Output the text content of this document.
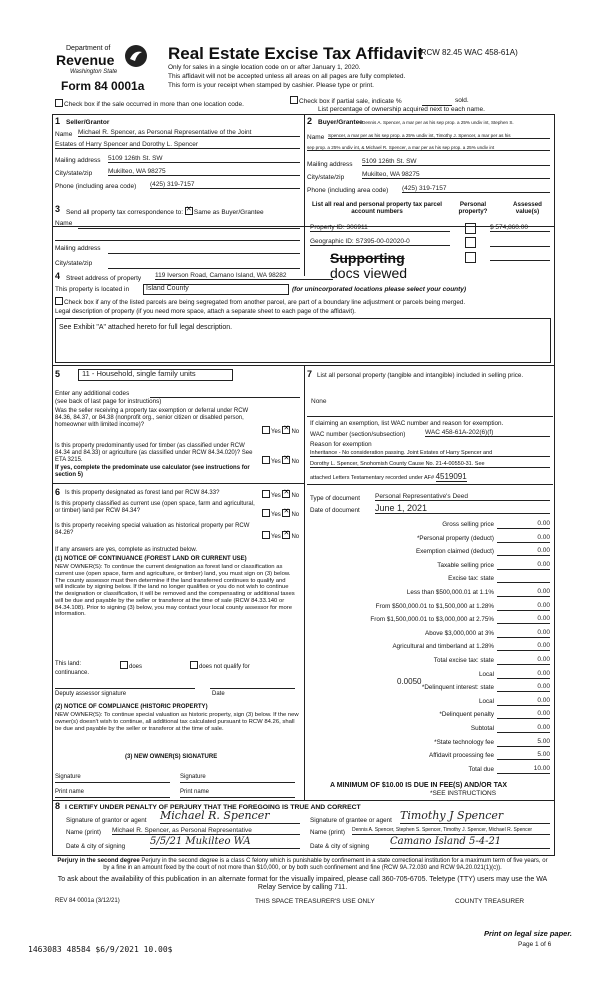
Department of
Revenue
Washington State
Form 84 0001a
Real Estate Excise Tax Affidavit
(RCW 82.45 WAC 458-61A)
Only for sales in a single location code on or after January 1, 2020.
This affidavit will not be accepted unless all areas on all pages are fully completed.
This form is your receipt when stamped by cashier. Please type or print.
Check box if the sale occurred in more than one location code.	Check box if partial sale, indicate %	sold.
List percentage of ownership acquired next to each name.
1 Seller/Grantor
Name Michael R. Spencer, as Personal Representative of the Joint
Estates of Harry Spencer and Dorothy L. Spencer
Mailing address 5109 126th St. SW
City/state/zip Mukilteo, WA 98275
Phone (including area code) (425) 319-7157
2 Buyer/Grantee Dennis A. Spencer, a mar per as his sep prop. a 25% undiv int, Stephen S.
Name Spencer, a mar per as his sep prop. a 25% undiv int, Timothy J. Spencer, a mar per as his
sep prop. a 25% undiv int, & Michael R. Spencer, a mar per as his sep prop. a 25% undiv int
Mailing address 5109 126th St. SW
City/state/zip	Mukilteo, WA 98275
Phone (including area code) (425) 319-7157
3 Send all property tax correspondence to: ✕ Same as Buyer/Grantee
Name
Mailing address
City/state/zip
List all real and personal property tax parcel account numbers
Personal property?
Assessed value(s)
Property ID: 306911	$ 574,860.00
Geographic ID: S7395-00-02020-0
Supporting
docs viewed
4 Street address of property 119 Iverson Road, Camano Island, WA 98282
This property is located in	Island County	(for unincorporated locations please select your county)
Check box if any of the listed parcels are being segregated from another parcel, are part of a boundary line adjustment or parcels being merged.
Legal description of property (if you need more space, attach a separate sheet to each page of the affidavit).
See Exhibit "A" attached hereto for full legal description.
5	11 - Household, single family units
Enter any additional codes
(see back of last page for instructions)
Was the seller receiving a property tax exemption or deferral under RCW 84.36, 84.37, or 84.38 (nonprofit org., senior citizen or disabled person, homeowner with limited income)?
Yes ✕ No
Is this property predominantly used for timber (as classified under RCW 84.34 and 84.33) or agriculture (as classified under RCW 84.34.020)? See ETA 3215.	Yes ✕ No
If yes, complete the predominate use calculator (see instructions for section 5)
6 Is this property designated as forest land per RCW 84.33?	Yes ✕ No
Is this property classified as current use (open space, farm and agricultural, or timber) land per RCW 84.34?
Yes ✕ No
Is this property receiving special valuation as historical property per RCW 84.26?
Yes ✕ No
If any answers are yes, complete as instructed below.
(1) NOTICE OF CONTINUANCE (FOREST LAND OR CURRENT USE)
NEW OWNER(S): To continue the current designation as forest land or classification as current use (open space, farm and agriculture, or timber) land, you must sign on (3) below. The county assessor must then determine if the land transferred continues to qualify and will indicate by signing below. If the land no longer qualifies or you do not wish to continue the designation or classification, it will be removed and the compensating or additional taxes will be due and payable by the seller or transferor at the time of sale (RCW 84.33.140 or 84.34.108). Prior to signing (3) below, you may contact your local county assessor for more information.
This land:	does	does not qualify for
continuance.
Deputy assessor signature	Date
(2) NOTICE OF COMPLIANCE (HISTORIC PROPERTY)
NEW OWNER(S): To continue special valuation as historic property, sign (3) below. If the new owner(s) doesn't wish to continue, all additional tax calculated pursuant to RCW 84.26, shall be due and payable by the seller or transferor at the time of sale.
(3) NEW OWNER(S) SIGNATURE
Signature	Signature
Print name	Print name
7 List all personal property (tangible and intangible) included in selling price.
None
If claiming an exemption, list WAC number and reason for exemption.
WAC number (section/subsection)	WAC 458-61A-202(6)(f)
Reason for exemption
Inheritance - No consideration passing. Joint Estates of Harry Spencer and
Dorothy L. Spencer, Snohomish County Cause No. 21-4-00550-31. See
attached Letters Testamentary recorded under AF# 4519091
Type of document Personal Representative's Deed
Date of document June 1, 2021
Gross selling price	0.00
*Personal property (deduct)	0.00
Exemption claimed (deduct)	0.00
Taxable selling price	0.00
Excise tax: state
Less than $500,000.01 at 1.1%	0.00
From $500,000.01 to $1,500,000 at 1.28%	0.00
From $1,500,000.01 to $3,000,000 at 2.75%	0.00
Above $3,000,000 at 3%	0.00
Agricultural and timberland at 1.28%	0.00
Total excise tax: state	0.00
Local	0.00
*Delinquent interest: state	0.00
Local	0.00
*Delinquent penalty	0.00
Subtotal	0.00
*State technology fee	5.00
Affidavit processing fee	5.00
Total due	10.00
0.0050
A MINIMUM OF $10.00 IS DUE IN FEE(S) AND/OR TAX
*SEE INSTRUCTIONS
8 I CERTIFY UNDER PENALTY OF PERJURY THAT THE FOREGOING IS TRUE AND CORRECT
Signature of grantor or agent Michael R. Spencer
Name (print) Michael R. Spencer, as Personal Representative
Date & city of signing 5/5/21 Mukilteo WA
Signature of grantee or agent Timothy J Spencer
Name (print) Dennis A. Spencer, Stephen S. Spencer, Timothy J. Spencer, Michael R. Spencer
Date & city of signing Camano Island 5-4-21
Perjury in the second degree Perjury in the second degree is a class C felony which is punishable by confinement in a state correctional institution for a maximum term of five years, or by a fine in an amount fixed by the court of not more than $10,000, or by both such confinement and fine (RCW 9A.72.030 and RCW 9A.20.021(1)(c)).
To ask about the availability of this publication in an alternate format for the visually impaired, please call 360-705-6705. Teletype (TTY) users may use the WA Relay Service by calling 711.
REV 84 0001a (3/12/21)	THIS SPACE TREASURER'S USE ONLY	COUNTY TREASURER
Print on legal size paper.
Page 1 of 6
1463083 48584 $6/9/2021 10.00$
